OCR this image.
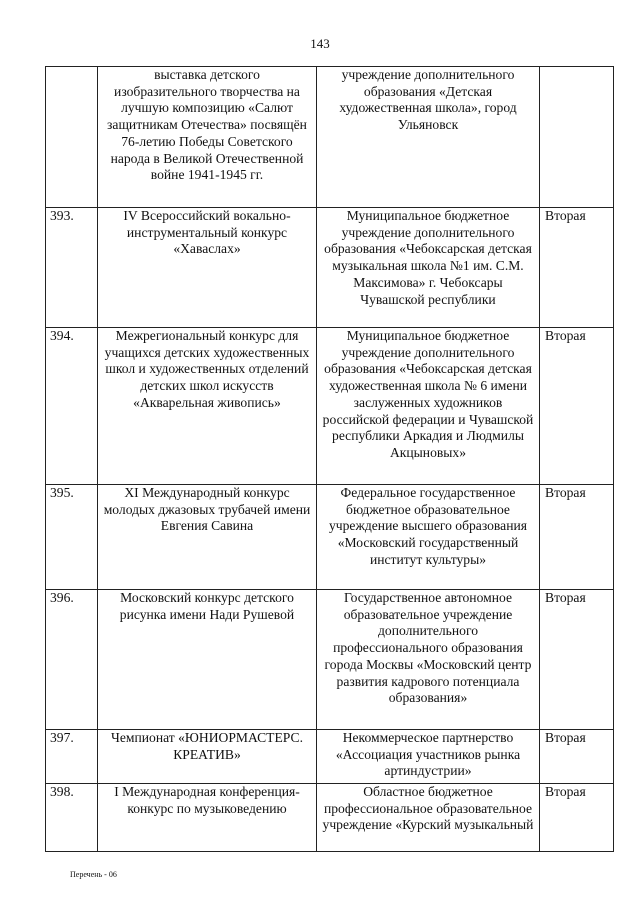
143
	выставка детского изобразительного творчества на лучшую композицию «Салют защитникам Отечества» посвящён 76-летию Победы Советского народа в Великой Отечественной войне 1941-1945 гг.	учреждение дополнительного образования «Детская художественная школа», город Ульяновск	
393.	IV Всероссийский вокально-инструментальный конкурс «Хаваслах»	Муниципальное бюджетное учреждение дополнительного образования «Чебоксарская детская музыкальная школа №1 им. С.М. Максимова» г. Чебоксары Чувашской республики	Вторая
394.	Межрегиональный конкурс для учащихся детских художественных школ и художественных отделений детских школ искусств «Акварельная живопись»	Муниципальное бюджетное учреждение дополнительного образования «Чебоксарская детская художественная школа № 6 имени заслуженных художников российской федерации и Чувашской республики Аркадия и Людмилы Акцыновых»	Вторая
395.	XI Международный конкурс молодых джазовых трубачей имени Евгения Савина	Федеральное государственное бюджетное образовательное учреждение высшего образования «Московский государственный институт культуры»	Вторая
396.	Московский конкурс детского рисунка имени Нади Рушевой	Государственное автономное образовательное учреждение дополнительного профессионального образования города Москвы «Московский центр развития кадрового потенциала образования»	Вторая
397.	Чемпионат «ЮНИОРМАСТЕРС. КРЕАТИВ»	Некоммерческое партнерство «Ассоциация участников рынка артиндустрии»	Вторая
398.	I Международная конференция-конкурс по музыковедению	Областное бюджетное профессиональное образовательное учреждение «Курский музыкальный	Вторая
Перечень - 06
